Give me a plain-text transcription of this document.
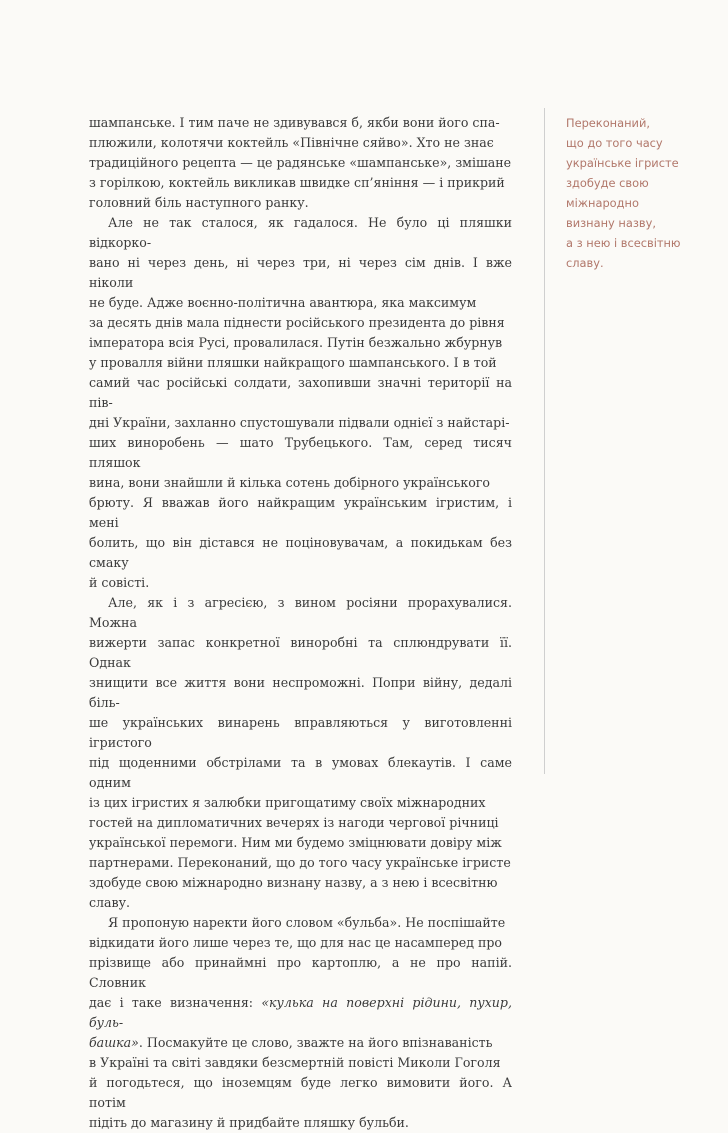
шампанське. І тим паче не здивувався б, якби вони його спа-
плюжили, колотячи коктейль «Північне сяйво». Хто не знає
традиційного рецепта — це радянське «шампанське», змішане
з горілкою, коктейль викликав швидке сп’яніння — і прикрий
головний біль наступного ранку.

Але не так сталося, як гадалося. Не було ці пляшки відкорко-
вано ні через день, ні через три, ні через сім днів. І вже ніколи
не буде. Адже воєнно-політична авантюра, яка максимум
за десять днів мала піднести російського президента до рівня
імператора всія Русі, провалилася. Путін безжально жбурнув
у провалля війни пляшки найкращого шампанського. І в той
самий час російські солдати, захопивши значні території на пів-
дні України, захланно спустошували підвали однієї з найстарі-
ших виноробень — шато Трубецького. Там, серед тисяч пляшок
вина, вони знайшли й кілька сотень добірного українського
брюту. Я вважав його найкращим українським ігристим, і мені
болить, що він дістався не поціновувачам, а покидькам без смаку
й совісті.

Але, як і з агресією, з вином росіяни прорахувалися. Можна
вижерти запас конкретної винорoбні та сплюндрувати її. Однак
знищити все життя вони неспроможні. Попри війну, дедалі біль-
ше українських винарень вправляються у виготовленні ігристого
під щоденними обстрілами та в умовах блекаутів. І саме одним
із цих ігристих я залюбки пригощатиму своїх міжнародних
гостей на дипломатичних вечерях із нагоди чергової річниці
української перемоги. Ним ми будемо зміцнювати довіру між
партнерами. Переконаний, що до того часу українське ігристе
здобуде свою міжнародно визнану назву, а з нею і всесвітню
славу.

Я пропоную наректи його словом «бульба». Не поспішайте
відкидати його лише через те, що для нас це насамперед про
прізвище або принаймні про картоплю, а не про напій. Словник
дає і таке визначення: «кулька на поверхні рідини, пухир, буль-
башка». Посмакуйте це слово, зважте на його впізнаваність
в Україні та світі завдяки безсмертній повісті Миколи Гоголя
й погодьтеся, що іноземцям буде легко вимовити його. А потім
підіть до магазину й придбайте пляшку бульби.

Переконаний,
що до того часу
українське ігристе
здобуде свою
міжнародно
визнану назву,
а з нею і всесвітню
славу.
